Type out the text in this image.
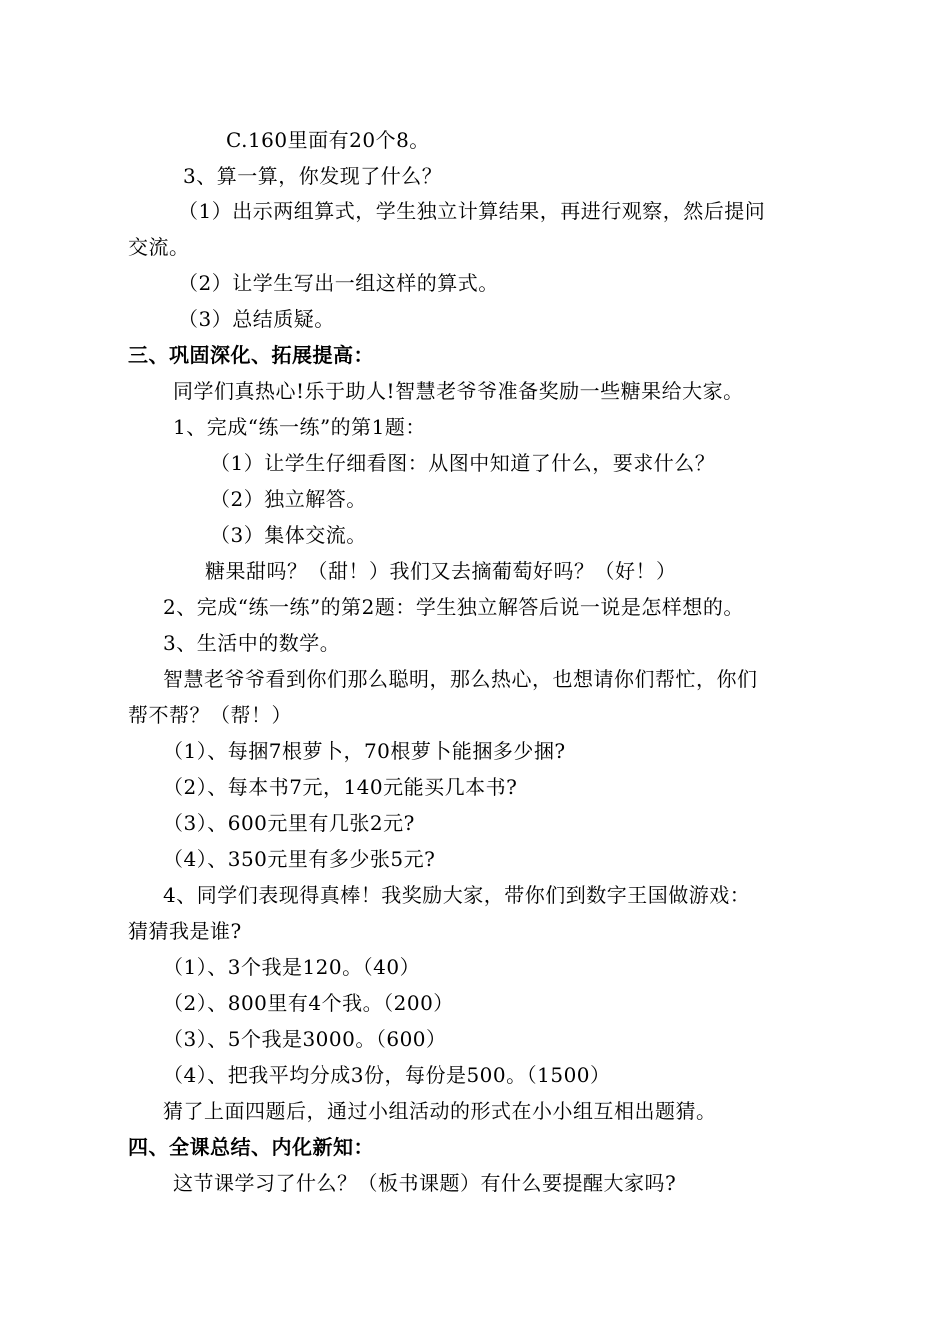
C.160里面有20个8。
3、算一算，你发现了什么？
（1）出示两组算式，学生独立计算结果，再进行观察，然后提问
交流。
（2）让学生写出一组这样的算式。
（3）总结质疑。
三、巩固深化、拓展提高：
同学们真热心!乐于助人!智慧老爷爷准备奖励一些糖果给大家。
1、完成“练一练”的第1题：
（1）让学生仔细看图：从图中知道了什么，要求什么？
（2）独立解答。
（3）集体交流。
糖果甜吗？（甜！）我们又去摘葡萄好吗？（好！）
2、完成“练一练”的第2题：学生独立解答后说一说是怎样想的。
3、生活中的数学。
智慧老爷爷看到你们那么聪明，那么热心，也想请你们帮忙，你们
帮不帮？（帮！）
（1）、每捆7根萝卜，70根萝卜能捆多少捆?
（2）、每本书7元，140元能买几本书?
（3）、600元里有几张2元?
（4）、350元里有多少张5元?
4、同学们表现得真棒！我奖励大家，带你们到数字王国做游戏：
猜猜我是谁?
（1）、3个我是120。（40）
（2）、800里有4个我。（200）
（3）、5个我是3000。（600）
（4）、把我平均分成3份，每份是500。（1500）
猜了上面四题后，通过小组活动的形式在小小组互相出题猜。
四、全课总结、内化新知：
这节课学习了什么？（板书课题）有什么要提醒大家吗?
